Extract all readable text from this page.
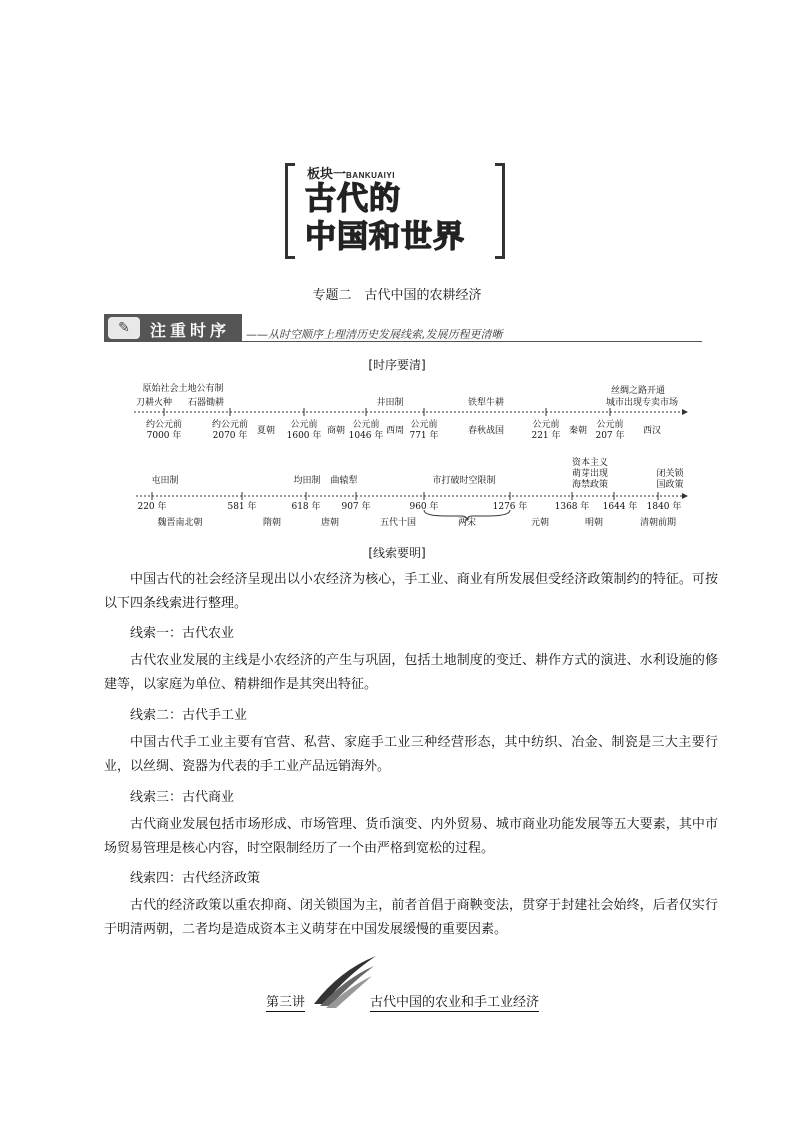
板块一BANKUAIYI
古代的
中国和世界
专题二　古代中国的农耕经济
✎	注重时序 ——从时空顺序上理清历史发展线索,发展历程更清晰
[时序要清]
原始社会土地公有制
刀耕火种 石器锄耕	井田制	铁犁牛耕
丝绸之路开通
城市出现专卖市场
约公元前
7000 年
约公元前
2070 年
公元前
1600 年
公元前
1046 年
公元前
771 年
公元前
221 年
公元前
207 年
夏朝	商朝	西周	春秋战国	秦朝	西汉
屯田制	均田制 曲辕犁	市打破时空限制
资本主义
萌芽出现
海禁政策
闭关锁
国政策
220 年	581 年	618 年 907 年	960 年	1276 年	1368 年 1644 年 1840 年
魏晋南北朝	隋朝	唐朝	五代十国	两宋	元朝	明朝	清朝前期
[线索要明]
中国古代的社会经济呈现出以小农经济为核心，手工业、商业有所发展但受经济政策制约的特征。可按以下四条线索进行整理。
线索一：古代农业
古代农业发展的主线是小农经济的产生与巩固，包括土地制度的变迁、耕作方式的演进、水利设施的修建等，以家庭为单位、精耕细作是其突出特征。
线索二：古代手工业
中国古代手工业主要有官营、私营、家庭手工业三种经营形态，其中纺织、冶金、制瓷是三大主要行业，以丝绸、瓷器为代表的手工业产品远销海外。
线索三：古代商业
古代商业发展包括市场形成、市场管理、货币演变、内外贸易、城市商业功能发展等五大要素，其中市场贸易管理是核心内容，时空限制经历了一个由严格到宽松的过程。
线索四：古代经济政策
古代的经济政策以重农抑商、闭关锁国为主，前者首倡于商鞅变法，贯穿于封建社会始终，后者仅实行于明清两朝，二者均是造成资本主义萌芽在中国发展缓慢的重要因素。
第三讲	古代中国的农业和手工业经济
